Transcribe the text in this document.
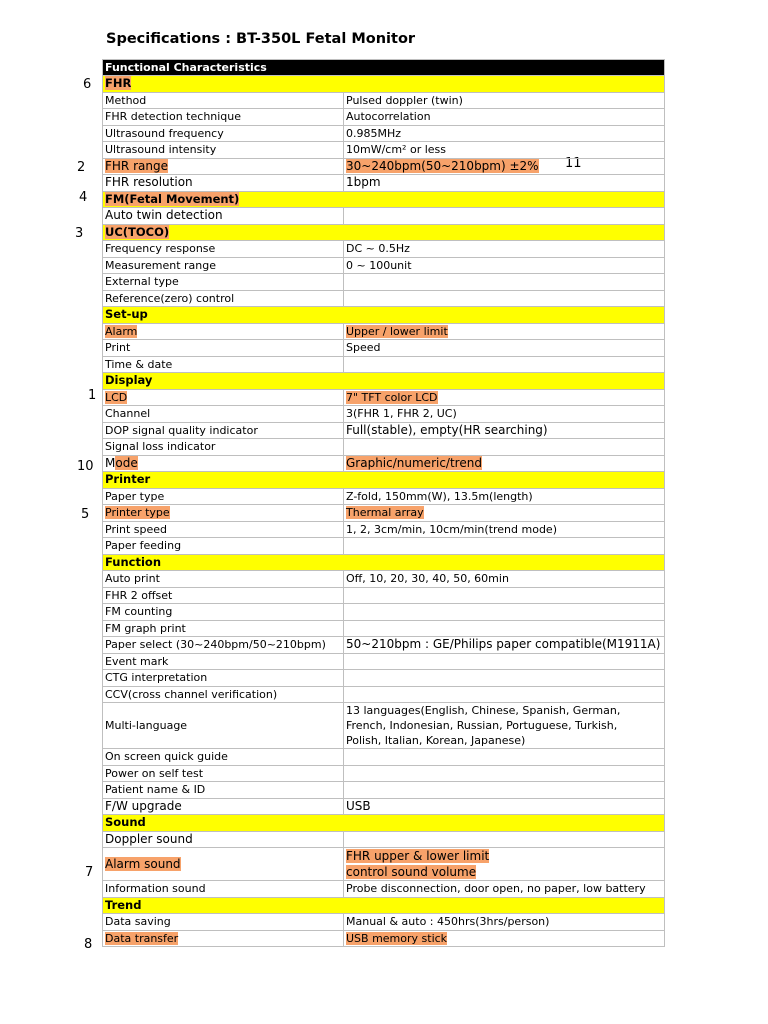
Specifications : BT-350L Fetal Monitor
6
2	11
4
3
1
10
5
7
8
Functional Characteristics	
FHR	
Method	Pulsed doppler (twin)
FHR detection technique	Autocorrelation
Ultrasound frequency	0.985MHz
Ultrasound intensity	10mW/cm² or less
FHR range	30~240bpm(50~210bpm) ±2%
FHR resolution	1bpm
FM(Fetal Movement)	
Auto twin detection	
UC(TOCO)	
Frequency response	DC ~ 0.5Hz
Measurement range	0 ~ 100unit
External type	
Reference(zero) control	
Set-up	
Alarm	Upper / lower limit
Print	Speed
Time & date	
Display	
LCD	7" TFT color LCD
Channel	3(FHR 1, FHR 2, UC)
DOP signal quality indicator	Full(stable), empty(HR searching)
Signal loss indicator	
Mode	Graphic/numeric/trend
Printer	
Paper type	Z-fold, 150mm(W), 13.5m(length)
Printer type	Thermal array
Print speed	1, 2, 3cm/min, 10cm/min(trend mode)
Paper feeding	
Function	
Auto print	Off, 10, 20, 30, 40, 50, 60min
FHR 2 offset	
FM counting	
FM graph print	
Paper select (30~240bpm/50~210bpm)	50~210bpm : GE/Philips paper compatible(M1911A)
Event mark	
CTG interpretation	
CCV(cross channel verification)	
Multi-language	13 languages(English, Chinese, Spanish, German,
French, Indonesian, Russian, Portuguese, Turkish,
Polish, Italian, Korean, Japanese)

On screen quick guide	
Power on self test	
Patient name & ID	
F/W upgrade	USB
Sound	
Doppler sound	
Alarm sound	FHR upper & lower limit
control sound volume

Information sound	Probe disconnection, door open, no paper, low battery
Trend	
Data saving	Manual & auto : 450hrs(3hrs/person)
Data transfer	USB memory stick
